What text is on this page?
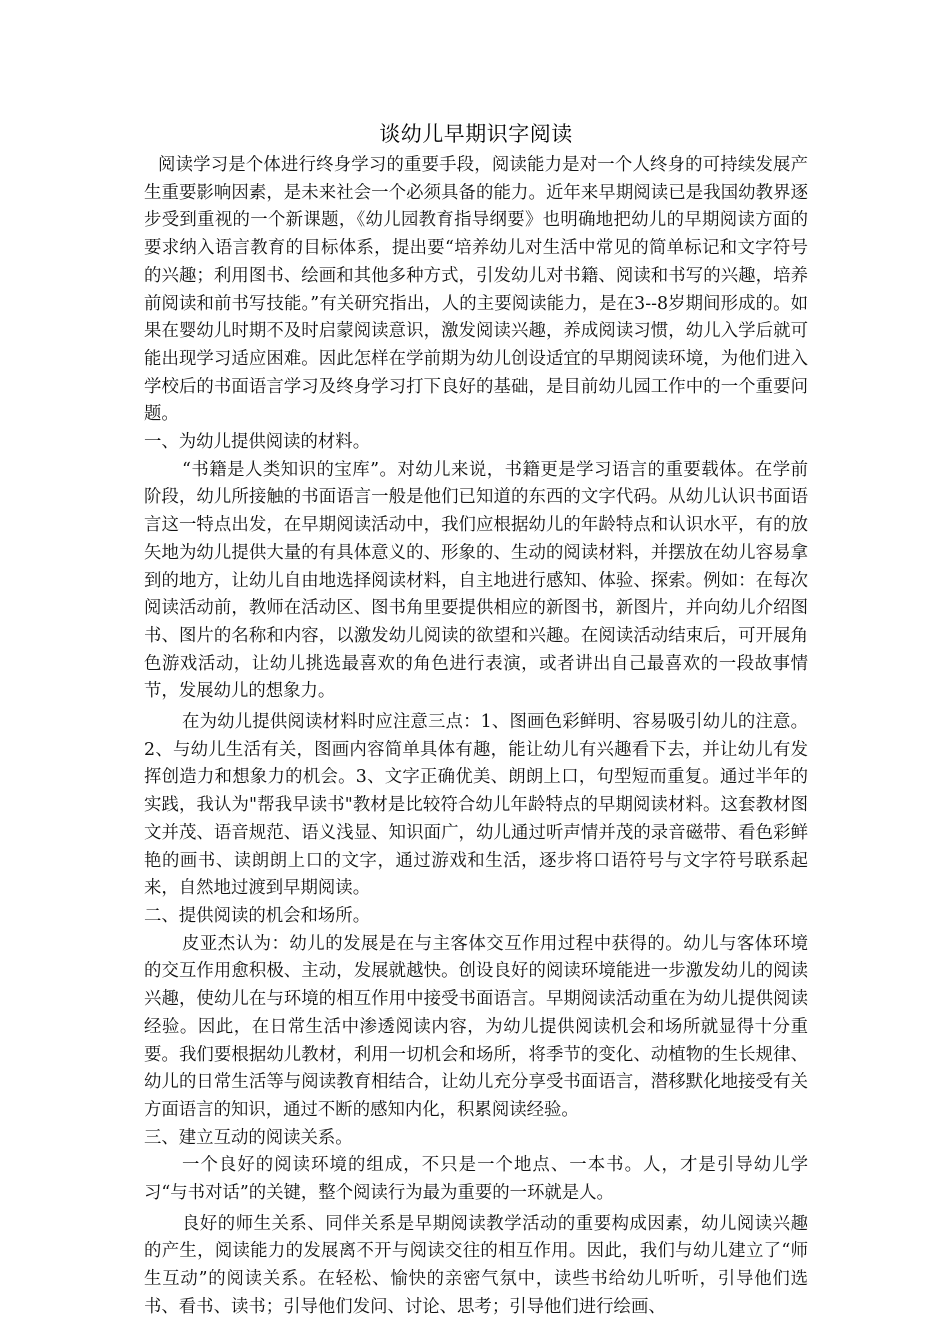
谈幼儿早期识字阅读

阅读学习是个体进行终身学习的重要手段，阅读能力是对一个人终身的可持续发展产生重要影响因素，是未来社会一个必须具备的能力。近年来早期阅读已是我国幼教界逐步受到重视的一个新课题，《幼儿园教育指导纲要》也明确地把幼儿的早期阅读方面的要求纳入语言教育的目标体系，提出要“培养幼儿对生活中常见的简单标记和文字符号的兴趣；利用图书、绘画和其他多种方式，引发幼儿对书籍、阅读和书写的兴趣，培养前阅读和前书写技能。”有关研究指出，人的主要阅读能力，是在3--8岁期间形成的。如果在婴幼儿时期不及时启蒙阅读意识，激发阅读兴趣，养成阅读习惯，幼儿入学后就可能出现学习适应困难。因此怎样在学前期为幼儿创设适宜的早期阅读环境，为他们进入学校后的书面语言学习及终身学习打下良好的基础，是目前幼儿园工作中的一个重要问题。

一、为幼儿提供阅读的材料。

“书籍是人类知识的宝库”。对幼儿来说，书籍更是学习语言的重要载体。在学前阶段，幼儿所接触的书面语言一般是他们已知道的东西的文字代码。从幼儿认识书面语言这一特点出发，在早期阅读活动中，我们应根据幼儿的年龄特点和认识水平，有的放矢地为幼儿提供大量的有具体意义的、形象的、生动的阅读材料，并摆放在幼儿容易拿到的地方，让幼儿自由地选择阅读材料，自主地进行感知、体验、探索。例如：在每次阅读活动前，教师在活动区、图书角里要提供相应的新图书，新图片，并向幼儿介绍图书、图片的名称和内容，以激发幼儿阅读的欲望和兴趣。在阅读活动结束后，可开展角色游戏活动，让幼儿挑选最喜欢的角色进行表演，或者讲出自己最喜欢的一段故事情节，发展幼儿的想象力。

在为幼儿提供阅读材料时应注意三点：1、图画色彩鲜明、容易吸引幼儿的注意。2、与幼儿生活有关，图画内容简单具体有趣，能让幼儿有兴趣看下去，并让幼儿有发挥创造力和想象力的机会。3、文字正确优美、朗朗上口，句型短而重复。通过半年的实践，我认为"帮我早读书"教材是比较符合幼儿年龄特点的早期阅读材料。这套教材图文并茂、语音规范、语义浅显、知识面广，幼儿通过听声情并茂的录音磁带、看色彩鲜艳的画书、读朗朗上口的文字，通过游戏和生活，逐步将口语符号与文字符号联系起来，自然地过渡到早期阅读。

二、提供阅读的机会和场所。

皮亚杰认为：幼儿的发展是在与主客体交互作用过程中获得的。幼儿与客体环境的交互作用愈积极、主动，发展就越快。创设良好的阅读环境能进一步激发幼儿的阅读兴趣，使幼儿在与环境的相互作用中接受书面语言。早期阅读活动重在为幼儿提供阅读经验。因此，在日常生活中渗透阅读内容，为幼儿提供阅读机会和场所就显得十分重要。我们要根据幼儿教材，利用一切机会和场所，将季节的变化、动植物的生长规律、幼儿的日常生活等与阅读教育相结合，让幼儿充分享受书面语言，潜移默化地接受有关方面语言的知识，通过不断的感知内化，积累阅读经验。

三、建立互动的阅读关系。

一个良好的阅读环境的组成，不只是一个地点、一本书。人，才是引导幼儿学习“与书对话”的关键，整个阅读行为最为重要的一环就是人。

良好的师生关系、同伴关系是早期阅读教学活动的重要构成因素，幼儿阅读兴趣的产生，阅读能力的发展离不开与阅读交往的相互作用。因此，我们与幼儿建立了“师生互动”的阅读关系。在轻松、愉快的亲密气氛中，读些书给幼儿听听，引导他们选书、看书、读书；引导他们发问、讨论、思考；引导他们进行绘画、
